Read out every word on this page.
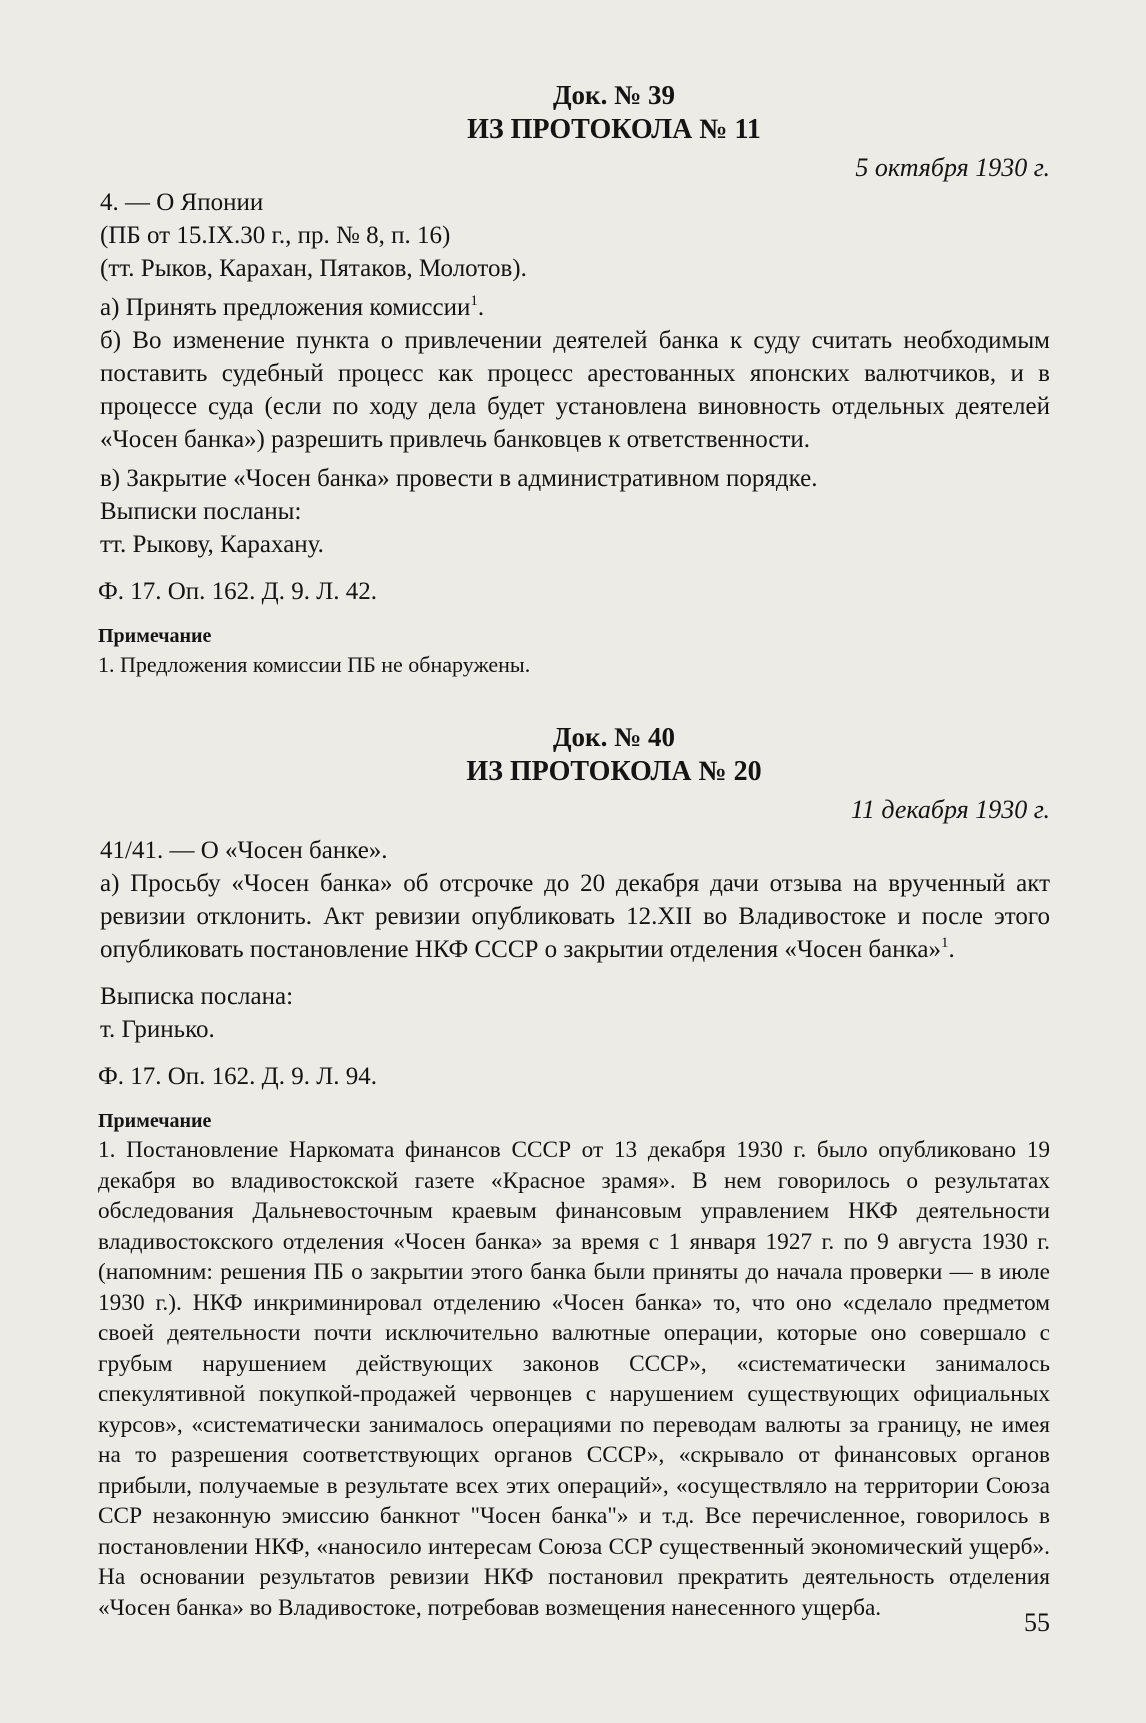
Док. № 39
ИЗ ПРОТОКОЛА № 11
5 октября 1930 г.

4. — О Японии

(ПБ от 15.IX.30 г., пр. № 8, п. 16)

(тт. Рыков, Карахан, Пятаков, Молотов).

а) Принять предложения комиссии$^1$.

б) Во изменение пункта о привлечении деятелей банка к суду считать необходимым поставить судебный процесс как процесс арестованных японских валютчиков, и в процессе суда (если по ходу дела будет установлена виновность отдельных деятелей «Чосен банка») разрешить привлечь банковцев к ответственности.

в) Закрытие «Чосен банка» провести в административном порядке.

Выписки посланы:

тт. Рыкову, Карахану.

Ф. 17. Оп. 162. Д. 9. Л. 42.

Примечание

1. Предложения комиссии ПБ не обнаружены.

Док. № 40
ИЗ ПРОТОКОЛА № 20
11 декабря 1930 г.

41/41. — О «Чосен банке».

а) Просьбу «Чосен банка» об отсрочке до 20 декабря дачи отзыва на врученный акт ревизии отклонить. Акт ревизии опубликовать 12.XII во Владивостоке и после этого опубликовать постановление НКФ СССР о закрытии отделения «Чосен банка»$^1$.

Выписка послана:

т. Гринько.

Ф. 17. Оп. 162. Д. 9. Л. 94.

Примечание

1. Постановление Наркомата финансов СССР от 13 декабря 1930 г. было опубликовано 19 декабря во владивостокской газете «Красное зрамя». В нем говорилось о результатах обследования Дальневосточным краевым финансовым управлением НКФ деятельности владивостокского отделения «Чосен банка» за время с 1 января 1927 г. по 9 августа 1930 г. (напомним: решения ПБ о закрытии этого банка были приняты до начала проверки — в июле 1930 г.). НКФ инкриминировал отделению «Чосен банка» то, что оно «сделало предметом своей деятельности почти исключительно валютные операции, которые оно совершало с грубым нарушением действующих законов СССР», «систематически занималось спекулятивной покупкой-продажей червонцев с нарушением существующих официальных курсов», «систематически занималось операциями по переводам валюты за границу, не имея на то разрешения соответствующих органов СССР», «скрывало от финансовых органов прибыли, получаемые в результате всех этих операций», «осуществляло на территории Союза ССР незаконную эмиссию банкнот "Чосен банка"» и т.д. Все перечисленное, говорилось в постановлении НКФ, «наносило интересам Союза ССР существенный экономический ущерб». На основании результатов ревизии НКФ постановил прекратить деятельность отделения «Чосен банка» во Владивостоке, потребовав возмещения нанесенного ущерба.

55
